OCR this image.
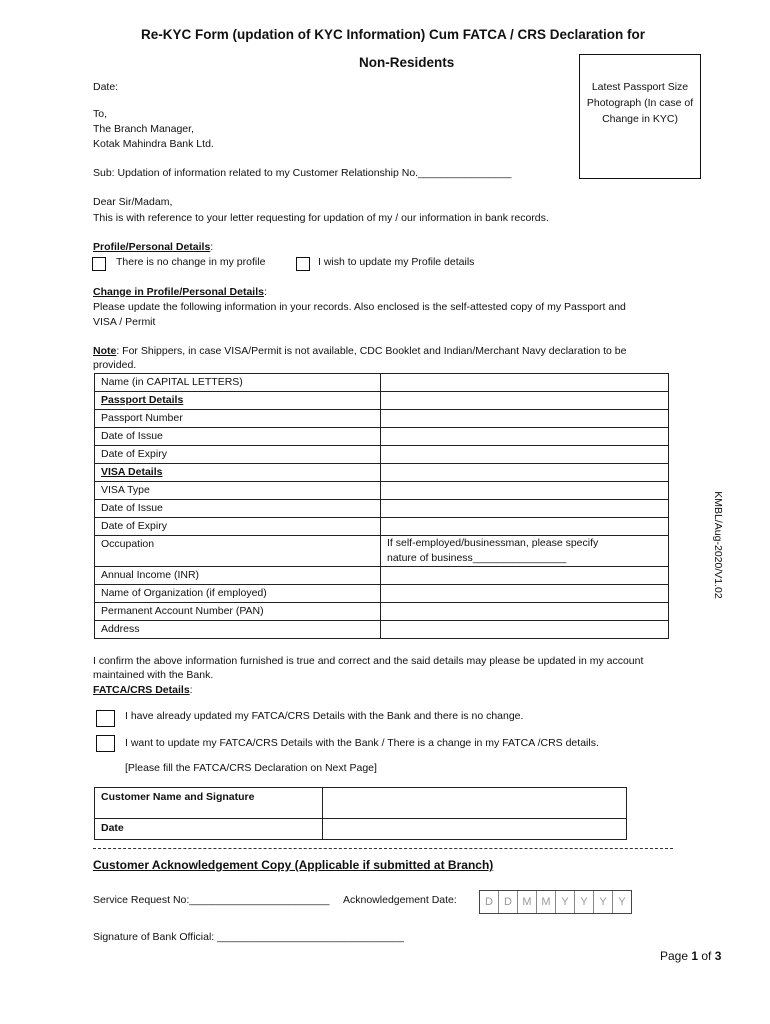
Re-KYC Form (updation of KYC Information) Cum FATCA / CRS Declaration for
Non-Residents
Latest Passport Size Photograph (In case of Change in KYC)
Date:
To,
The Branch Manager,
Kotak Mahindra Bank Ltd.
Sub: Updation of information related to my Customer Relationship No.________________
Dear Sir/Madam,
This is with reference to your letter requesting for updation of my / our information in bank records.
Profile/Personal Details:
There is no change in my profile	I wish to update my Profile details
Change in Profile/Personal Details:
Please update the following information in your records. Also enclosed is the self-attested copy of my Passport and
VISA / Permit
Note: For Shippers, in case VISA/Permit is not available, CDC Booklet and Indian/Merchant Navy declaration to be
provided.
Name (in CAPITAL LETTERS)	
Passport Details	
Passport Number	
Date of Issue	
Date of Expiry	
VISA Details	
VISA Type	
Date of Issue	
Date of Expiry	
Occupation	If self-employed/businessman, please specify
nature of business________________

Annual Income (INR)	
Name of Organization (if employed)	
Permanent Account Number (PAN)	
Address	
KMBL/Aug-2020/V1.02
I confirm the above information furnished is true and correct and the said details may please be updated in my account
maintained with the Bank.
FATCA/CRS Details:
I have already updated my FATCA/CRS Details with the Bank and there is no change.
I want to update my FATCA/CRS Details with the Bank / There is a change in my FATCA /CRS details.
[Please fill the FATCA/CRS Declaration on Next Page]
Customer Name and Signature	
Date	
Customer Acknowledgement Copy (Applicable if submitted at Branch)
Service Request No:________________________ Acknowledgement Date:	D	D M M Y	Y	Y	Y
Signature of Bank Official: ________________________________
Page 1 of 3
